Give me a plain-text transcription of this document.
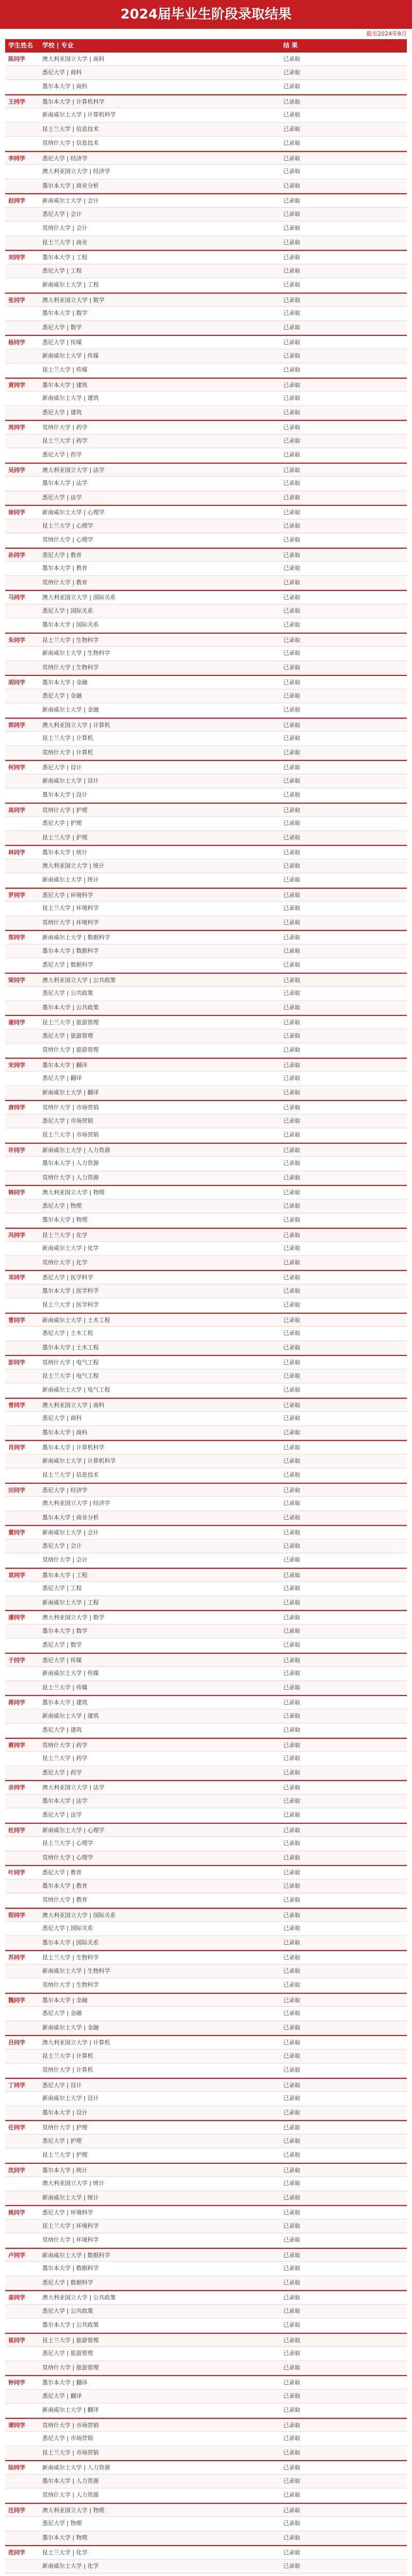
2024届毕业生阶段录取结果
截至2024年8月
学生姓名 学校 | 专业	结 果
陈同学	澳大利亚国立大学 | 商科	已录取
悉尼大学 | 商科	已录取
墨尔本大学 | 商科	已录取
王同学	墨尔本大学 | 计算机科学	已录取
新南威尔士大学 | 计算机科学	已录取
昆士兰大学 | 信息技术	已录取
莫纳什大学 | 信息技术	已录取
李同学	悉尼大学 | 经济学	已录取
澳大利亚国立大学 | 经济学	已录取
墨尔本大学 | 商业分析	已录取
赵同学	新南威尔士大学 | 会计	已录取
悉尼大学 | 会计	已录取
莫纳什大学 | 会计	已录取
昆士兰大学 | 商业	已录取
刘同学	墨尔本大学 | 工程	已录取
悉尼大学 | 工程	已录取
新南威尔士大学 | 工程	已录取
张同学	澳大利亚国立大学 | 数学	已录取
墨尔本大学 | 数学	已录取
悉尼大学 | 数学	已录取
杨同学	悉尼大学 | 传媒	已录取
新南威尔士大学 | 传媒	已录取
昆士兰大学 | 传媒	已录取
黄同学	墨尔本大学 | 建筑	已录取
新南威尔士大学 | 建筑	已录取
悉尼大学 | 建筑	已录取
周同学	莫纳什大学 | 药学	已录取
昆士兰大学 | 药学	已录取
悉尼大学 | 药学	已录取
吴同学	澳大利亚国立大学 | 法学	已录取
墨尔本大学 | 法学	已录取
悉尼大学 | 法学	已录取
徐同学	新南威尔士大学 | 心理学	已录取
昆士兰大学 | 心理学	已录取
莫纳什大学 | 心理学	已录取
孙同学	悉尼大学 | 教育	已录取
墨尔本大学 | 教育	已录取
莫纳什大学 | 教育	已录取
马同学	澳大利亚国立大学 | 国际关系	已录取
悉尼大学 | 国际关系	已录取
墨尔本大学 | 国际关系	已录取
朱同学	昆士兰大学 | 生物科学	已录取
新南威尔士大学 | 生物科学	已录取
莫纳什大学 | 生物科学	已录取
胡同学	墨尔本大学 | 金融	已录取
悉尼大学 | 金融	已录取
新南威尔士大学 | 金融	已录取
郭同学	澳大利亚国立大学 | 计算机	已录取
昆士兰大学 | 计算机	已录取
莫纳什大学 | 计算机	已录取
何同学	悉尼大学 | 设计	已录取
新南威尔士大学 | 设计	已录取
墨尔本大学 | 设计	已录取
高同学	莫纳什大学 | 护理	已录取
悉尼大学 | 护理	已录取
昆士兰大学 | 护理	已录取
林同学	墨尔本大学 | 统计	已录取
澳大利亚国立大学 | 统计	已录取
新南威尔士大学 | 统计	已录取
罗同学	悉尼大学 | 环境科学	已录取
昆士兰大学 | 环境科学	已录取
莫纳什大学 | 环境科学	已录取
郑同学	新南威尔士大学 | 数据科学	已录取
墨尔本大学 | 数据科学	已录取
悉尼大学 | 数据科学	已录取
梁同学	澳大利亚国立大学 | 公共政策	已录取
悉尼大学 | 公共政策	已录取
墨尔本大学 | 公共政策	已录取
谢同学	昆士兰大学 | 旅游管理	已录取
悉尼大学 | 旅游管理	已录取
莫纳什大学 | 旅游管理	已录取
宋同学	墨尔本大学 | 翻译	已录取
悉尼大学 | 翻译	已录取
新南威尔士大学 | 翻译	已录取
唐同学	莫纳什大学 | 市场营销	已录取
悉尼大学 | 市场营销	已录取
昆士兰大学 | 市场营销	已录取
许同学	新南威尔士大学 | 人力资源	已录取
墨尔本大学 | 人力资源	已录取
莫纳什大学 | 人力资源	已录取
韩同学	澳大利亚国立大学 | 物理	已录取
悉尼大学 | 物理	已录取
墨尔本大学 | 物理	已录取
冯同学	昆士兰大学 | 化学	已录取
新南威尔士大学 | 化学	已录取
莫纳什大学 | 化学	已录取
邓同学	悉尼大学 | 医学科学	已录取
墨尔本大学 | 医学科学	已录取
昆士兰大学 | 医学科学	已录取
曹同学	新南威尔士大学 | 土木工程	已录取
悉尼大学 | 土木工程	已录取
墨尔本大学 | 土木工程	已录取
彭同学	莫纳什大学 | 电气工程	已录取
昆士兰大学 | 电气工程	已录取
新南威尔士大学 | 电气工程	已录取
曾同学	澳大利亚国立大学 | 商科	已录取
悉尼大学 | 商科	已录取
墨尔本大学 | 商科	已录取
肖同学	墨尔本大学 | 计算机科学	已录取
新南威尔士大学 | 计算机科学	已录取
昆士兰大学 | 信息技术	已录取
田同学	悉尼大学 | 经济学	已录取
澳大利亚国立大学 | 经济学	已录取
墨尔本大学 | 商业分析	已录取
董同学	新南威尔士大学 | 会计	已录取
悉尼大学 | 会计	已录取
莫纳什大学 | 会计	已录取
袁同学	墨尔本大学 | 工程	已录取
悉尼大学 | 工程	已录取
新南威尔士大学 | 工程	已录取
潘同学	澳大利亚国立大学 | 数学	已录取
墨尔本大学 | 数学	已录取
悉尼大学 | 数学	已录取
于同学	悉尼大学 | 传媒	已录取
新南威尔士大学 | 传媒	已录取
昆士兰大学 | 传媒	已录取
蒋同学	墨尔本大学 | 建筑	已录取
新南威尔士大学 | 建筑	已录取
悉尼大学 | 建筑	已录取
蔡同学	莫纳什大学 | 药学	已录取
昆士兰大学 | 药学	已录取
悉尼大学 | 药学	已录取
余同学	澳大利亚国立大学 | 法学	已录取
墨尔本大学 | 法学	已录取
悉尼大学 | 法学	已录取
杜同学	新南威尔士大学 | 心理学	已录取
昆士兰大学 | 心理学	已录取
莫纳什大学 | 心理学	已录取
叶同学	悉尼大学 | 教育	已录取
墨尔本大学 | 教育	已录取
莫纳什大学 | 教育	已录取
程同学	澳大利亚国立大学 | 国际关系	已录取
悉尼大学 | 国际关系	已录取
墨尔本大学 | 国际关系	已录取
苏同学	昆士兰大学 | 生物科学	已录取
新南威尔士大学 | 生物科学	已录取
莫纳什大学 | 生物科学	已录取
魏同学	墨尔本大学 | 金融	已录取
悉尼大学 | 金融	已录取
新南威尔士大学 | 金融	已录取
吕同学	澳大利亚国立大学 | 计算机	已录取
昆士兰大学 | 计算机	已录取
莫纳什大学 | 计算机	已录取
丁同学	悉尼大学 | 设计	已录取
新南威尔士大学 | 设计	已录取
墨尔本大学 | 设计	已录取
任同学	莫纳什大学 | 护理	已录取
悉尼大学 | 护理	已录取
昆士兰大学 | 护理	已录取
沈同学	墨尔本大学 | 统计	已录取
澳大利亚国立大学 | 统计	已录取
新南威尔士大学 | 统计	已录取
姚同学	悉尼大学 | 环境科学	已录取
昆士兰大学 | 环境科学	已录取
莫纳什大学 | 环境科学	已录取
卢同学	新南威尔士大学 | 数据科学	已录取
墨尔本大学 | 数据科学	已录取
悉尼大学 | 数据科学	已录取
姜同学	澳大利亚国立大学 | 公共政策	已录取
悉尼大学 | 公共政策	已录取
墨尔本大学 | 公共政策	已录取
崔同学	昆士兰大学 | 旅游管理	已录取
悉尼大学 | 旅游管理	已录取
莫纳什大学 | 旅游管理	已录取
钟同学	墨尔本大学 | 翻译	已录取
悉尼大学 | 翻译	已录取
新南威尔士大学 | 翻译	已录取
谭同学	莫纳什大学 | 市场营销	已录取
悉尼大学 | 市场营销	已录取
昆士兰大学 | 市场营销	已录取
陆同学	新南威尔士大学 | 人力资源	已录取
墨尔本大学 | 人力资源	已录取
莫纳什大学 | 人力资源	已录取
汪同学	澳大利亚国立大学 | 物理	已录取
悉尼大学 | 物理	已录取
墨尔本大学 | 物理	已录取
范同学	昆士兰大学 | 化学	已录取
新南威尔士大学 | 化学	已录取
